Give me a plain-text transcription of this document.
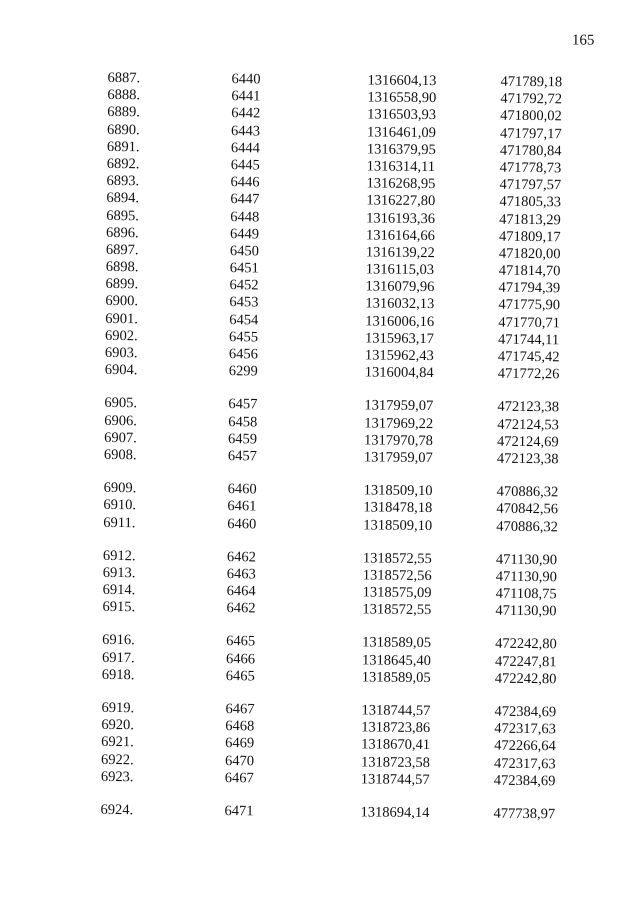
165
6887.	6440	1316604,13	471789,18
6888.	6441	1316558,90	471792,72
6889.	6442	1316503,93	471800,02
6890.	6443	1316461,09	471797,17
6891.	6444	1316379,95	471780,84
6892.	6445	1316314,11	471778,73
6893.	6446	1316268,95	471797,57
6894.	6447	1316227,80	471805,33
6895.	6448	1316193,36	471813,29
6896.	6449	1316164,66	471809,17
6897.	6450	1316139,22	471820,00
6898.	6451	1316115,03	471814,70
6899.	6452	1316079,96	471794,39
6900.	6453	1316032,13	471775,90
6901.	6454	1316006,16	471770,71
6902.	6455	1315963,17	471744,11
6903.	6456	1315962,43	471745,42
6904.	6299	1316004,84	471772,26
6905.	6457	1317959,07	472123,38
6906.	6458	1317969,22	472124,53
6907.	6459	1317970,78	472124,69
6908.	6457	1317959,07	472123,38
6909.	6460	1318509,10	470886,32
6910.	6461	1318478,18	470842,56
6911.	6460	1318509,10	470886,32
6912.	6462	1318572,55	471130,90
6913.	6463	1318572,56	471130,90
6914.	6464	1318575,09	471108,75
6915.	6462	1318572,55	471130,90
6916.	6465	1318589,05	472242,80
6917.	6466	1318645,40	472247,81
6918.	6465	1318589,05	472242,80
6919.	6467	1318744,57	472384,69
6920.	6468	1318723,86	472317,63
6921.	6469	1318670,41	472266,64
6922.	6470	1318723,58	472317,63
6923.	6467	1318744,57	472384,69
6924.	6471	1318694,14	477738,97
